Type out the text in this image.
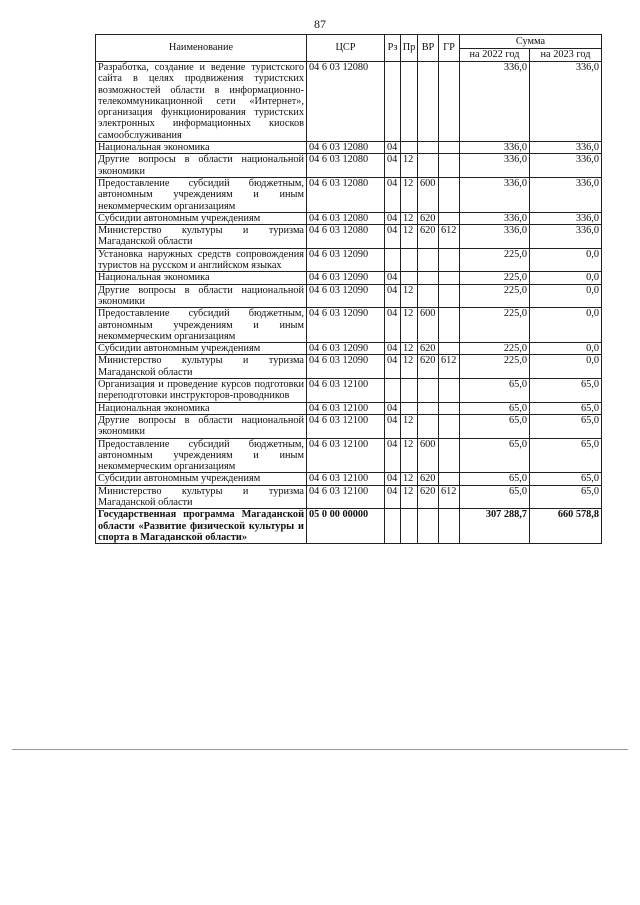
87
Наименование	ЦСР	Рз	Пр	ВР	ГР	Сумма	
						на 2022 год	на 2023 год
Разработка, создание и ведение туристского сайта в целях продвижения туристских возможностей области в информационно-телекоммуникационной сети «Интернет», организация функционирования туристских электронных информационных киосков самообслуживания	04 6 03 12080					336,0	336,0
Национальная экономика	04 6 03 12080	04				336,0	336,0
Другие вопросы в области национальной экономики	04 6 03 12080	04	12			336,0	336,0
Предоставление субсидий бюджетным, автономным учреждениям и иным некоммерческим организациям	04 6 03 12080	04	12	600		336,0	336,0
Субсидии автономным учреждениям	04 6 03 12080	04	12	620		336,0	336,0
Министерство культуры и туризма Магаданской области	04 6 03 12080	04	12	620	612	336,0	336,0
Установка наружных средств сопровождения туристов на русском и английском языках	04 6 03 12090					225,0	0,0
Национальная экономика	04 6 03 12090	04				225,0	0,0
Другие вопросы в области национальной экономики	04 6 03 12090	04	12			225,0	0,0
Предоставление субсидий бюджетным, автономным учреждениям и иным некоммерческим организациям	04 6 03 12090	04	12	600		225,0	0,0
Субсидии автономным учреждениям	04 6 03 12090	04	12	620		225,0	0,0
Министерство культуры и туризма Магаданской области	04 6 03 12090	04	12	620	612	225,0	0,0
Организация и проведение курсов подготовки переподготовки инструкторов-проводников	04 6 03 12100					65,0	65,0
Национальная экономика	04 6 03 12100	04				65,0	65,0
Другие вопросы в области национальной экономики	04 6 03 12100	04	12			65,0	65,0
Предоставление субсидий бюджетным, автономным учреждениям и иным некоммерческим организациям	04 6 03 12100	04	12	600		65,0	65,0
Субсидии автономным учреждениям	04 6 03 12100	04	12	620		65,0	65,0
Министерство культуры и туризма Магаданской области	04 6 03 12100	04	12	620	612	65,0	65,0
Государственная программа Магаданской области «Развитие физической культуры и спорта в Магаданской области»	05 0 00 00000					307 288,7	660 578,8
